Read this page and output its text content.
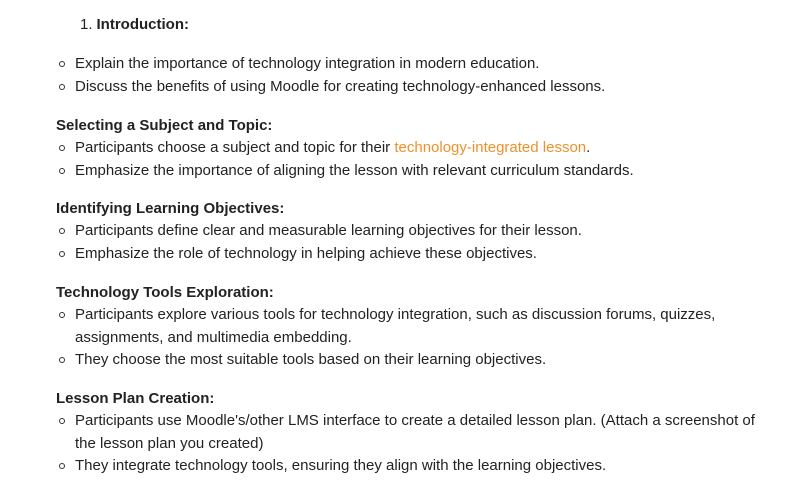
1. Introduction:
Explain the importance of technology integration in modern education.
Discuss the benefits of using Moodle for creating technology-enhanced lessons.

Selecting a Subject and Topic:

Participants choose a subject and topic for their technology-integrated lesson.
Emphasize the importance of aligning the lesson with relevant curriculum standards.

Identifying Learning Objectives:

Participants define clear and measurable learning objectives for their lesson.
Emphasize the role of technology in helping achieve these objectives.

Technology Tools Exploration:

Participants explore various tools for technology integration, such as discussion forums, quizzes, assignments, and multimedia embedding.
They choose the most suitable tools based on their learning objectives.

Lesson Plan Creation:

Participants use Moodle's/other LMS interface to create a detailed lesson plan. (Attach a screenshot of the lesson plan you created)
They integrate technology tools, ensuring they align with the learning objectives.
